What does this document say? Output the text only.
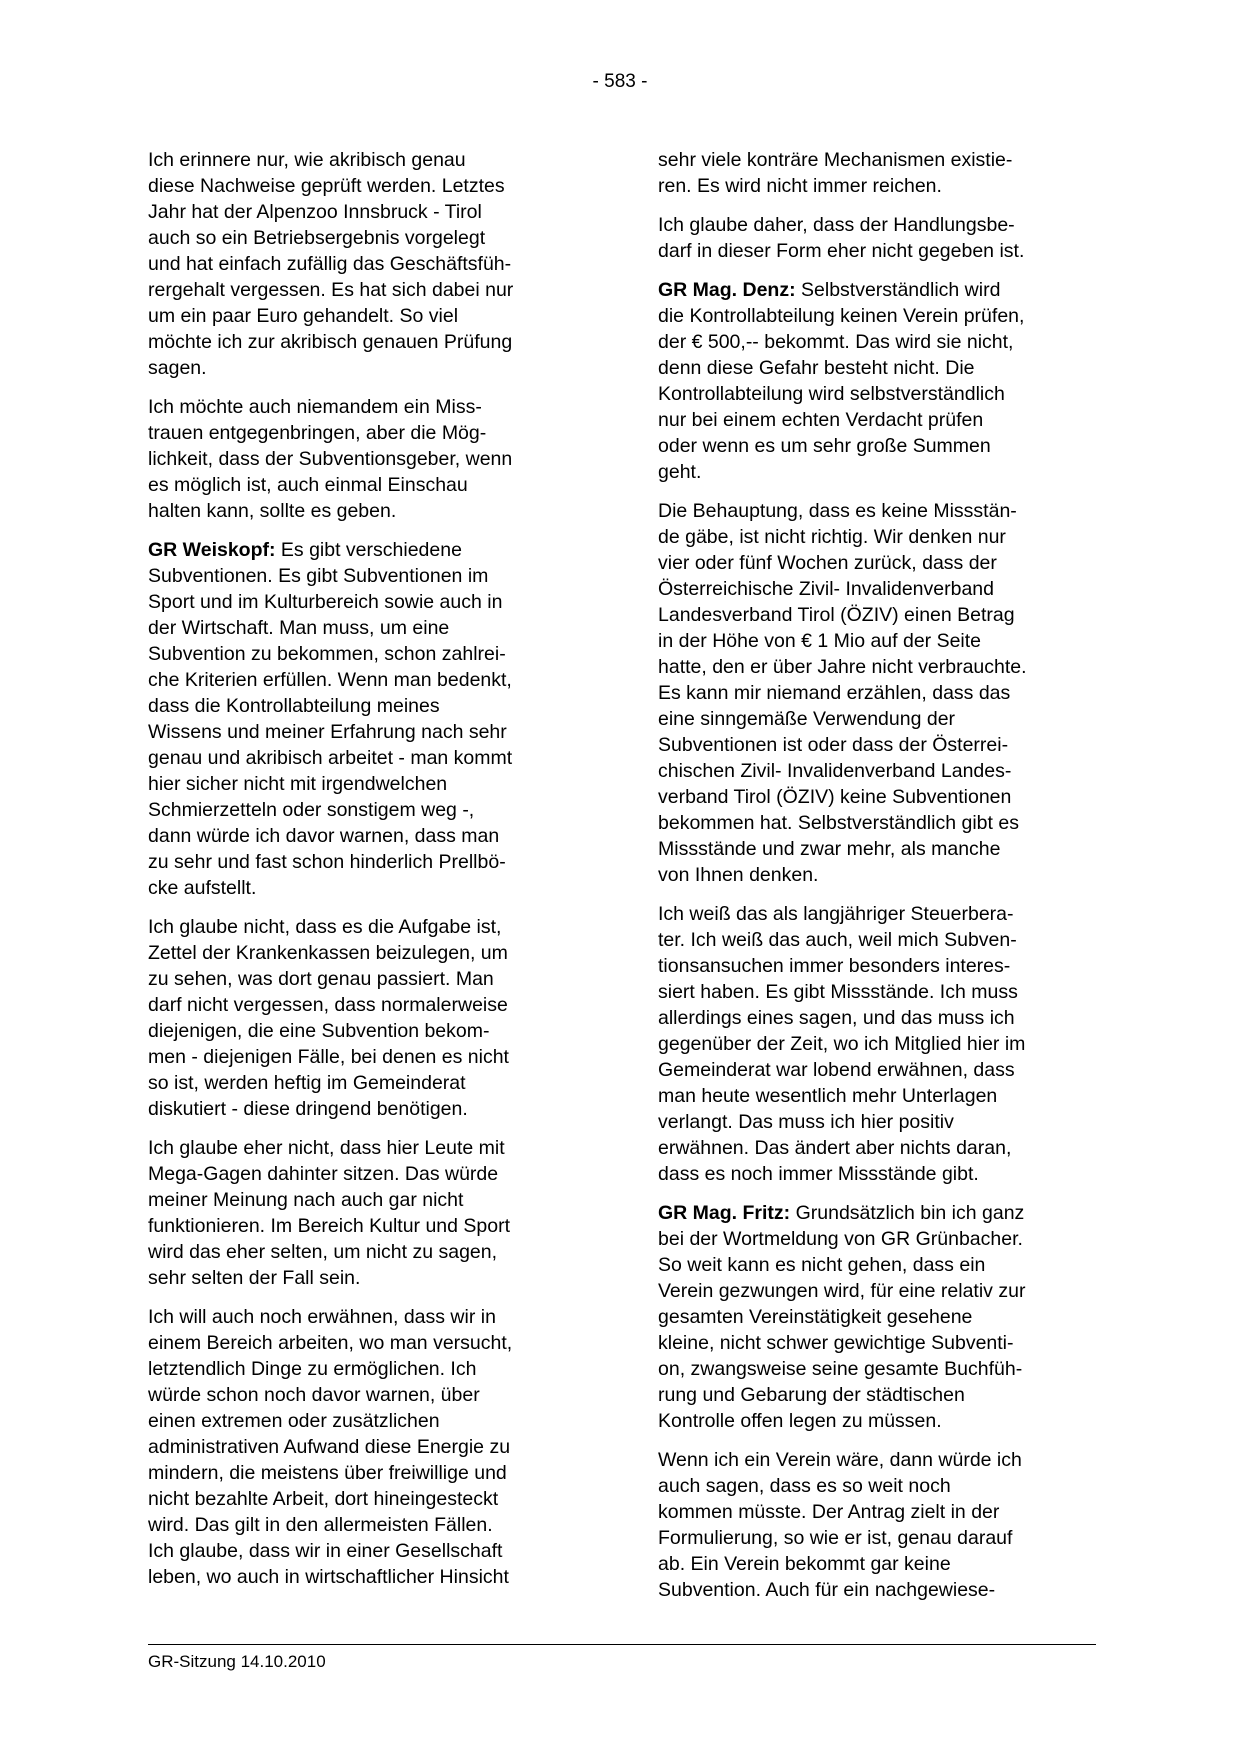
- 583 -

Ich erinnere nur, wie akribisch genau
diese Nachweise geprüft werden. Letztes
Jahr hat der Alpenzoo Innsbruck - Tirol
auch so ein Betriebsergebnis vorgelegt
und hat einfach zufällig das Geschäftsfüh-
rergehalt vergessen. Es hat sich dabei nur
um ein paar Euro gehandelt. So viel
möchte ich zur akribisch genauen Prüfung
sagen.

Ich möchte auch niemandem ein Miss-
trauen entgegenbringen, aber die Mög-
lichkeit, dass der Subventionsgeber, wenn
es möglich ist, auch einmal Einschau
halten kann, sollte es geben.

GR Weiskopf: Es gibt verschiedene
Subventionen. Es gibt Subventionen im
Sport und im Kulturbereich sowie auch in
der Wirtschaft. Man muss, um eine
Subvention zu bekommen, schon zahlrei-
che Kriterien erfüllen. Wenn man bedenkt,
dass die Kontrollabteilung meines
Wissens und meiner Erfahrung nach sehr
genau und akribisch arbeitet - man kommt
hier sicher nicht mit irgendwelchen
Schmierzetteln oder sonstigem weg -,
dann würde ich davor warnen, dass man
zu sehr und fast schon hinderlich Prellbö-
cke aufstellt.

Ich glaube nicht, dass es die Aufgabe ist,
Zettel der Krankenkassen beizulegen, um
zu sehen, was dort genau passiert. Man
darf nicht vergessen, dass normalerweise
diejenigen, die eine Subvention bekom-
men - diejenigen Fälle, bei denen es nicht
so ist, werden heftig im Gemeinderat
diskutiert - diese dringend benötigen.

Ich glaube eher nicht, dass hier Leute mit
Mega-Gagen dahinter sitzen. Das würde
meiner Meinung nach auch gar nicht
funktionieren. Im Bereich Kultur und Sport
wird das eher selten, um nicht zu sagen,
sehr selten der Fall sein.

Ich will auch noch erwähnen, dass wir in
einem Bereich arbeiten, wo man versucht,
letztendlich Dinge zu ermöglichen. Ich
würde schon noch davor warnen, über
einen extremen oder zusätzlichen
administrativen Aufwand diese Energie zu
mindern, die meistens über freiwillige und
nicht bezahlte Arbeit, dort hineingesteckt
wird. Das gilt in den allermeisten Fällen.
Ich glaube, dass wir in einer Gesellschaft
leben, wo auch in wirtschaftlicher Hinsicht

sehr viele konträre Mechanismen existie-
ren. Es wird nicht immer reichen.

Ich glaube daher, dass der Handlungsbe-
darf in dieser Form eher nicht gegeben ist.

GR Mag. Denz: Selbstverständlich wird
die Kontrollabteilung keinen Verein prüfen,
der € 500,-- bekommt. Das wird sie nicht,
denn diese Gefahr besteht nicht. Die
Kontrollabteilung wird selbstverständlich
nur bei einem echten Verdacht prüfen
oder wenn es um sehr große Summen
geht.

Die Behauptung, dass es keine Missstän-
de gäbe, ist nicht richtig. Wir denken nur
vier oder fünf Wochen zurück, dass der
Österreichische Zivil- Invalidenverband
Landesverband Tirol (ÖZIV) einen Betrag
in der Höhe von € 1 Mio auf der Seite
hatte, den er über Jahre nicht verbrauchte.
Es kann mir niemand erzählen, dass das
eine sinngemäße Verwendung der
Subventionen ist oder dass der Österrei-
chischen Zivil- Invalidenverband Landes-
verband Tirol (ÖZIV) keine Subventionen
bekommen hat. Selbstverständlich gibt es
Missstände und zwar mehr, als manche
von Ihnen denken.

Ich weiß das als langjähriger Steuerbera-
ter. Ich weiß das auch, weil mich Subven-
tionsansuchen immer besonders interes-
siert haben. Es gibt Missstände. Ich muss
allerdings eines sagen, und das muss ich
gegenüber der Zeit, wo ich Mitglied hier im
Gemeinderat war lobend erwähnen, dass
man heute wesentlich mehr Unterlagen
verlangt. Das muss ich hier positiv
erwähnen. Das ändert aber nichts daran,
dass es noch immer Missstände gibt.

GR Mag. Fritz: Grundsätzlich bin ich ganz
bei der Wortmeldung von GR Grünbacher.
So weit kann es nicht gehen, dass ein
Verein gezwungen wird, für eine relativ zur
gesamten Vereinstätigkeit gesehene
kleine, nicht schwer gewichtige Subventi-
on, zwangsweise seine gesamte Buchfüh-
rung und Gebarung der städtischen
Kontrolle offen legen zu müssen.

Wenn ich ein Verein wäre, dann würde ich
auch sagen, dass es so weit noch
kommen müsste. Der Antrag zielt in der
Formulierung, so wie er ist, genau darauf
ab. Ein Verein bekommt gar keine
Subvention. Auch für ein nachgewiese-

GR-Sitzung 14.10.2010
